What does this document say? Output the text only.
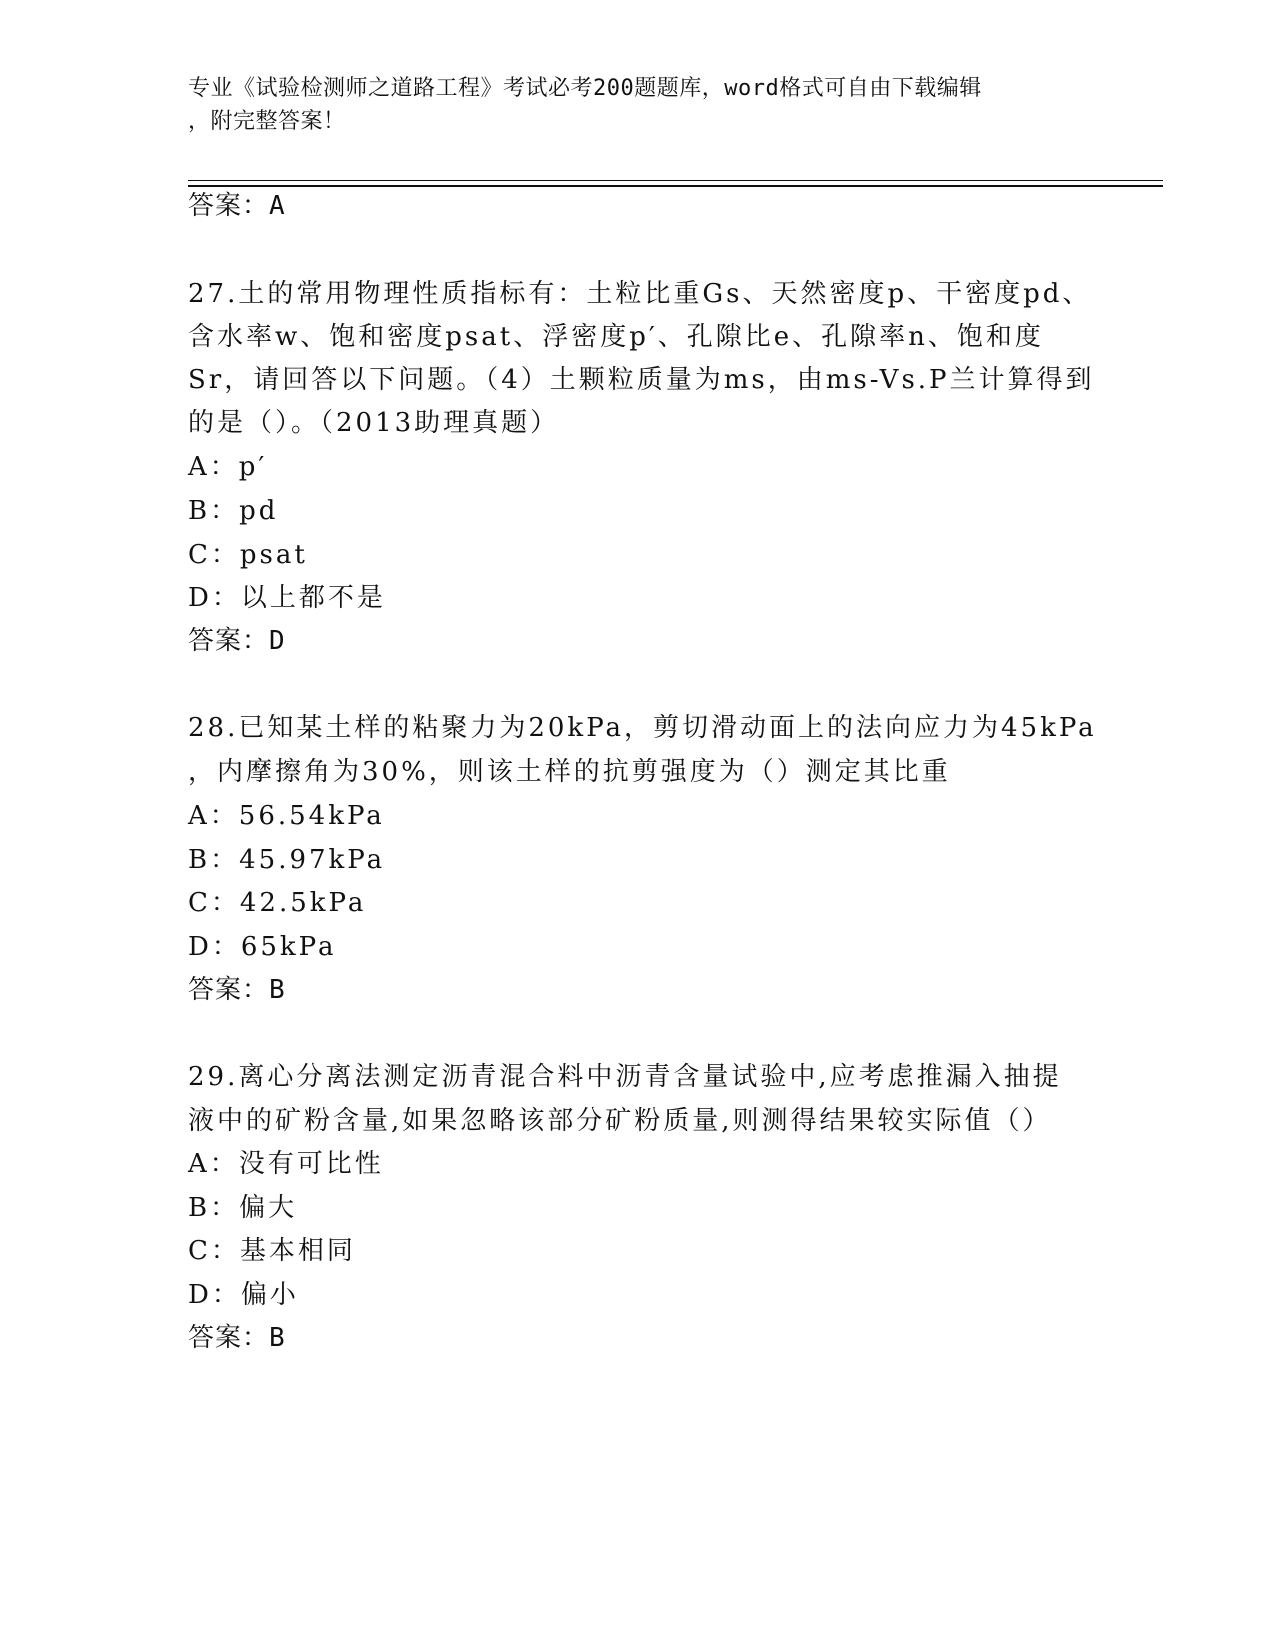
专业《试验检测师之道路工程》考试必考200题题库，word格式可自由下载编辑
，附完整答案！
答案：A
27.土的常用物理性质指标有：土粒比重Gs、天然密度p、干密度pd、
含水率w、饱和密度psat、浮密度p′、孔隙比e、孔隙率n、饱和度
Sr，请回答以下问题。（4）土颗粒质量为ms，由ms-Vs.P兰计算得到
的是（）。（2013助理真题）
A：p′
B：pd
C：psat
D：以上都不是
答案：D
28.已知某土样的粘聚力为20kPa，剪切滑动面上的法向应力为45kPa
，内摩擦角为30%，则该土样的抗剪强度为（）测定其比重
A：56.54kPa
B：45.97kPa
C：42.5kPa
D：65kPa
答案：B
29.离心分离法测定沥青混合料中沥青含量试验中,应考虑推漏入抽提
液中的矿粉含量,如果忽略该部分矿粉质量,则测得结果较实际值（）
A：没有可比性
B：偏大
C：基本相同
D：偏小
答案：B
